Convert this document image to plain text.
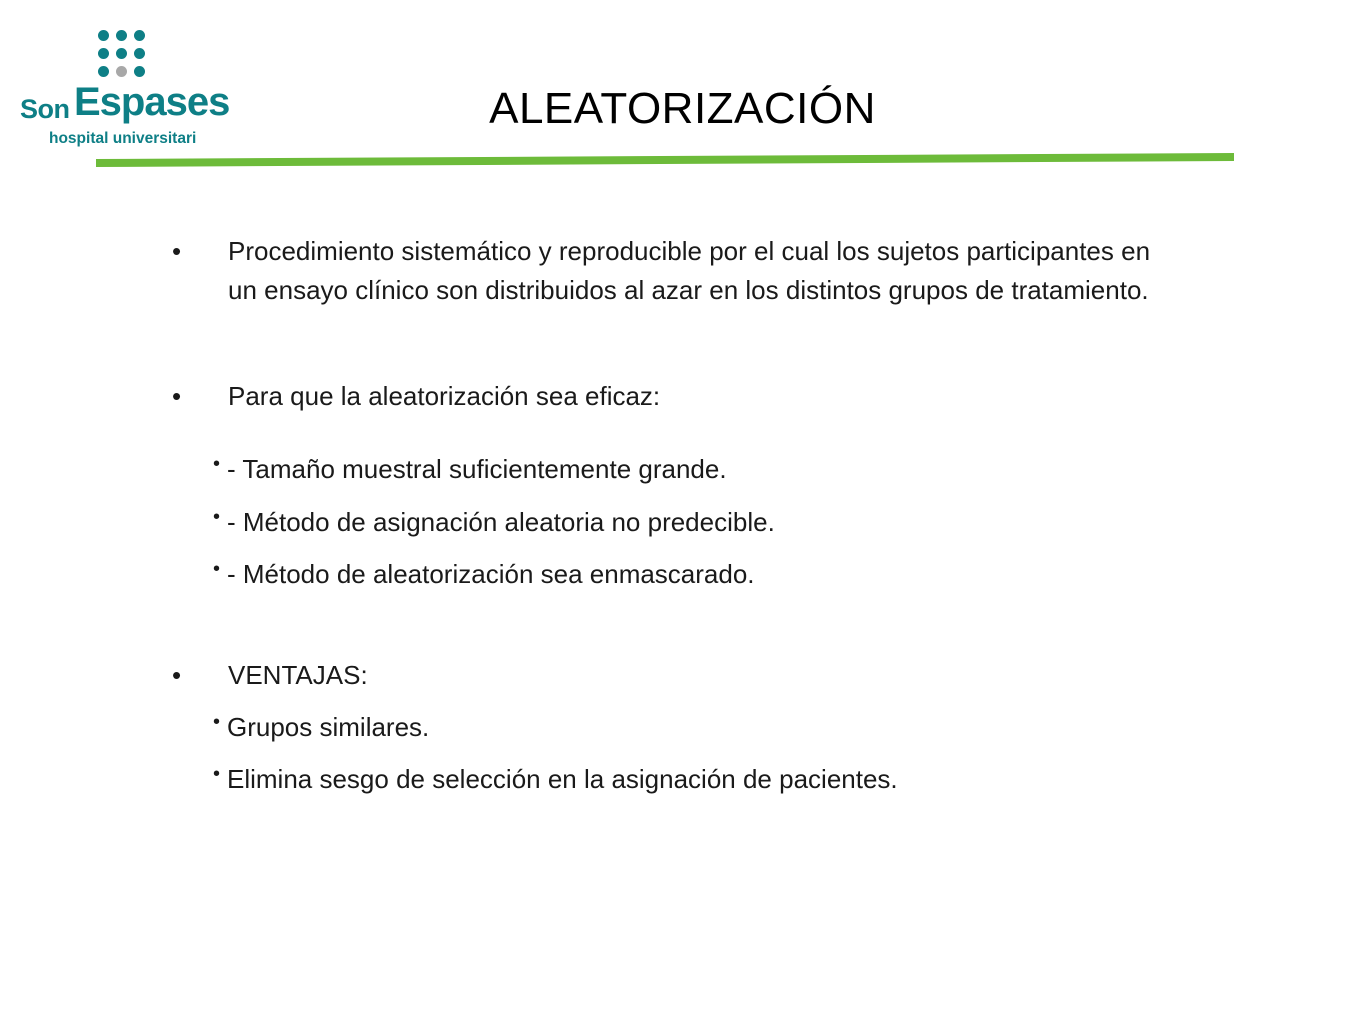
Son Espases
hospital universitari
ALEATORIZACIÓN
•	Procedimiento sistemático y reproducible por el cual los sujetos participantes en un ensayo clínico son distribuidos al azar en los distintos grupos de tratamiento.
•	Para que la aleatorización sea eficaz:
• - Tamaño muestral suficientemente grande.
• - Método de asignación aleatoria no predecible.
• - Método de aleatorización sea enmascarado.
•	VENTAJAS:
• Grupos similares.
• Elimina sesgo de selección en la asignación de pacientes.
